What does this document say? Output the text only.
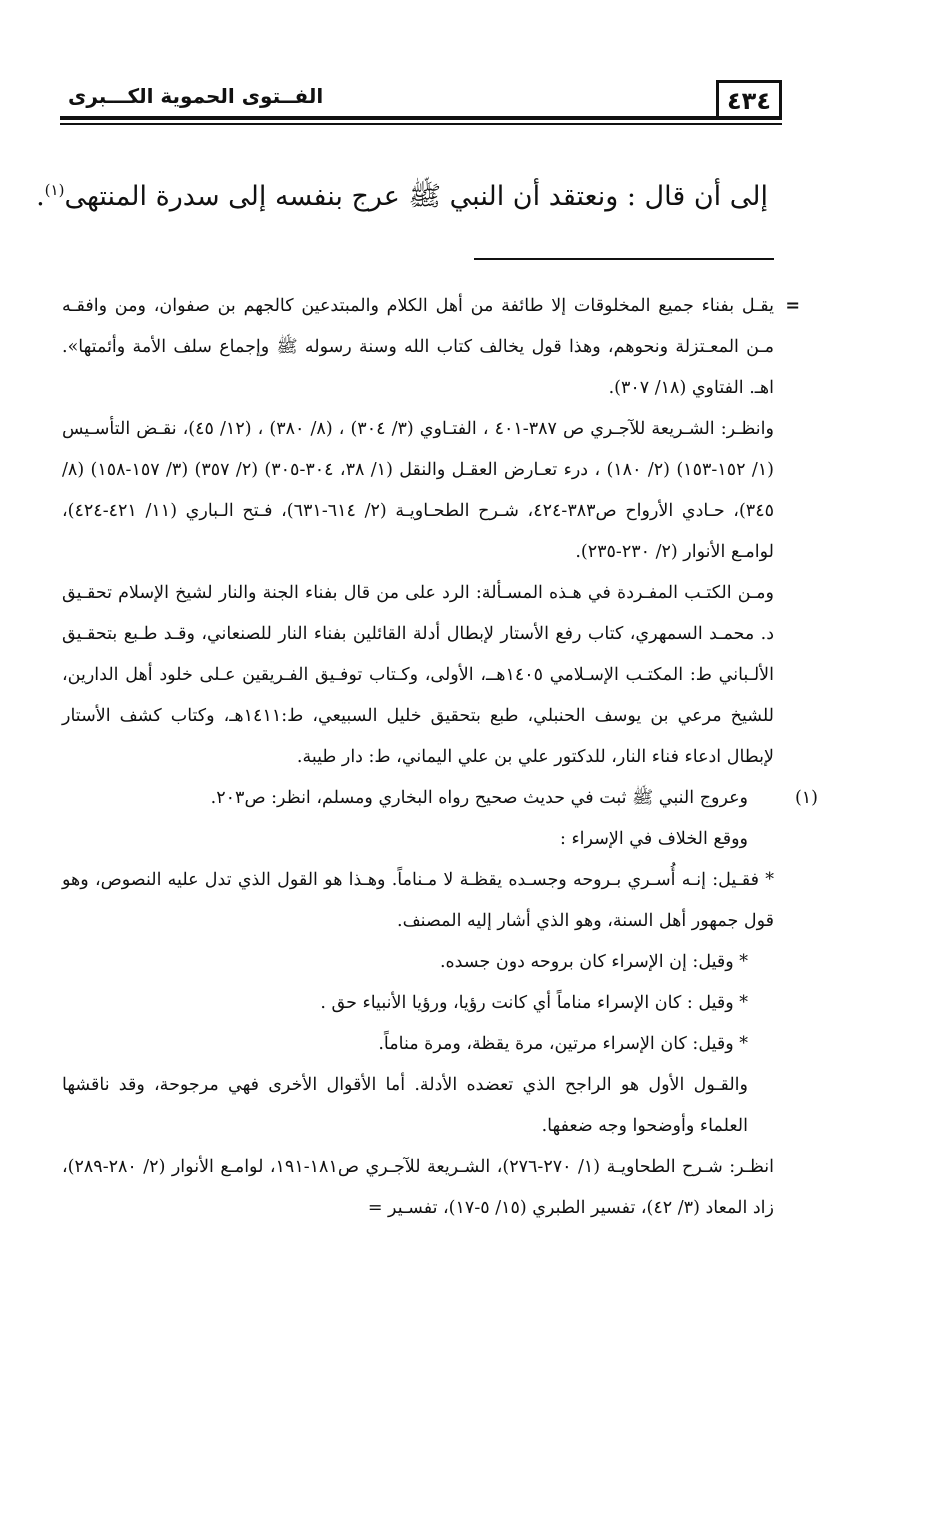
٤٣٤
الفــتوى الحموية الكـــبرى
إلى أن قال : ونعتقد أن النبي ﷺ عرج بنفسه إلى سدرة المنتهى$^{(١)}$.

=
يقـل بفناء جميع المخلوقات إلا طائفة من أهل الكلام والمبتدعين كالجهم بن صفوان، ومن وافقـه مـن المعـتزلة ونحوهم، وهذا قول يخالف كتاب الله وسنة رسوله ﷺ وإجماع سلف الأمة وأئمتها». اهـ. الفتاوي (١٨/ ٣٠٧).

وانظـر: الشـريعة للآجـري ص ٣٨٧-٤٠١ ، الفتـاوي (٣/ ٣٠٤) ، (٨/ ٣٨٠) ، (١٢/ ٤٥)، نقـض التأسـيس (١/ ١٥٢-١٥٣) (٢/ ١٨٠) ، درء تعـارض العقـل والنقل (١/ ٣٨، ٣٠٤-٣٠٥) (٢/ ٣٥٧) (٣/ ١٥٧-١٥٨) (٨/ ٣٤٥)، حـادي الأرواح ص٣٨٣-٤٢٤، شـرح الطحـاويـة (٢/ ٦١٤-٦٣١)، فـتح الـباري (١١/ ٤٢١-٤٢٤)، لوامـع الأنوار (٢/ ٢٣٠-٢٣٥).

ومـن الكتـب المفـردة في هـذه المسـألة: الرد على من قال بفناء الجنة والنار لشيخ الإسلام تحقـيق د. محمـد السمهري، كتاب رفع الأستار لإبطال أدلة القائلين بفناء النار للصنعاني، وقـد طـبع بتحقـيق الألـباني ط: المكتـب الإسـلامي ١٤٠٥هــ، الأولى، وكـتاب توفـيق الفـريقين عـلى خلود أهل الدارين، للشيخ مرعي بن يوسف الحنبلي، طبع بتحقيق خليل السبيعي، ط:١٤١١هـ، وكتاب كشف الأستار لإبطال ادعاء فناء النار، للدكتور علي بن علي اليماني، ط: دار طيبة.

(١)
وعروج النبي ﷺ ثبت في حديث صحيح رواه البخاري ومسلم، انظر: ص٢٠٣.

ووقع الخلاف في الإسراء :

* فقـيل: إنـه أُسـري بـروحه وجسـده يقظـة لا مـناماً. وهـذا هو القول الذي تدل عليه النصوص، وهو قول جمهور أهل السنة، وهو الذي أشار إليه المصنف.

* وقيل: إن الإسراء كان بروحه دون جسده.

* وقيل : كان الإسراء مناماً أي كانت رؤيا، ورؤيا الأنبياء حق .

* وقيل: كان الإسراء مرتين، مرة يقظة، ومرة مناماً.

والقـول الأول هو الراجح الذي تعضده الأدلة. أما الأقوال الأخرى فهي مرجوحة، وقد ناقشها العلماء وأوضحوا وجه ضعفها.

انظـر: شـرح الطحاويـة (١/ ٢٧٠-٢٧٦)، الشـريعة للآجـري ص١٨١-١٩١، لوامـع الأنوار (٢/ ٢٨٠-٢٨٩)، زاد المعاد (٣/ ٤٢)، تفسير الطبري (١٥/ ٥-١٧)، تفسـير =
